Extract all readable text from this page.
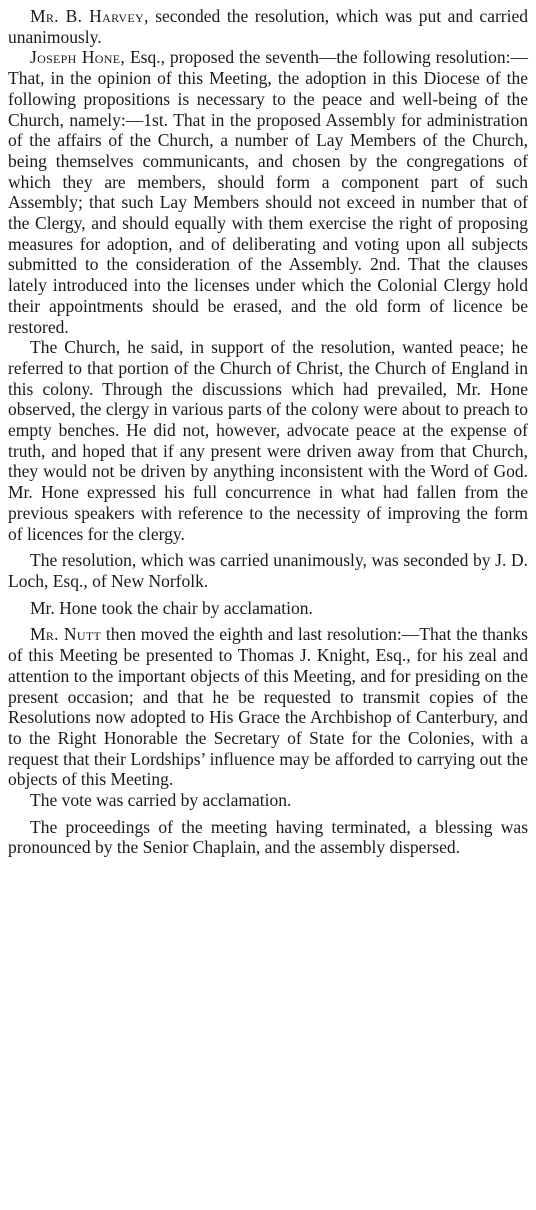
Mr. B. Harvey, seconded the resolution, which was put and carried unanimously.

Joseph Hone, Esq., proposed the seventh—the following resolution:—That, in the opinion of this Meeting, the adoption in this Diocese of the following propositions is necessary to the peace and well-being of the Church, namely:—1st. That in the proposed Assembly for administration of the affairs of the Church, a number of Lay Members of the Church, being themselves communicants, and chosen by the congregations of which they are members, should form a component part of such Assembly; that such Lay Members should not exceed in number that of the Clergy, and should equally with them exercise the right of proposing measures for adoption, and of deliberating and voting upon all subjects submitted to the consideration of the Assembly. 2nd. That the clauses lately introduced into the licenses under which the Colonial Clergy hold their appointments should be erased, and the old form of licence be restored.

The Church, he said, in support of the resolution, wanted peace; he referred to that portion of the Church of Christ, the Church of England in this colony. Through the discussions which had prevailed, Mr. Hone observed, the clergy in various parts of the colony were about to preach to empty benches. He did not, however, advocate peace at the expense of truth, and hoped that if any present were driven away from that Church, they would not be driven by anything inconsistent with the Word of God. Mr. Hone expressed his full concurrence in what had fallen from the previous speakers with reference to the necessity of improving the form of licences for the clergy.

The resolution, which was carried unanimously, was seconded by J. D. Loch, Esq., of New Norfolk.

Mr. Hone took the chair by acclamation.

Mr. Nutt then moved the eighth and last resolution:—That the thanks of this Meeting be presented to Thomas J. Knight, Esq., for his zeal and attention to the important objects of this Meeting, and for presiding on the present occasion; and that he be requested to transmit copies of the Resolutions now adopted to His Grace the Archbishop of Canterbury, and to the Right Honorable the Secretary of State for the Colonies, with a request that their Lordships’ influence may be afforded to carrying out the objects of this Meeting.

The vote was carried by acclamation.

The proceedings of the meeting having terminated, a blessing was pronounced by the Senior Chaplain, and the assembly dispersed.
